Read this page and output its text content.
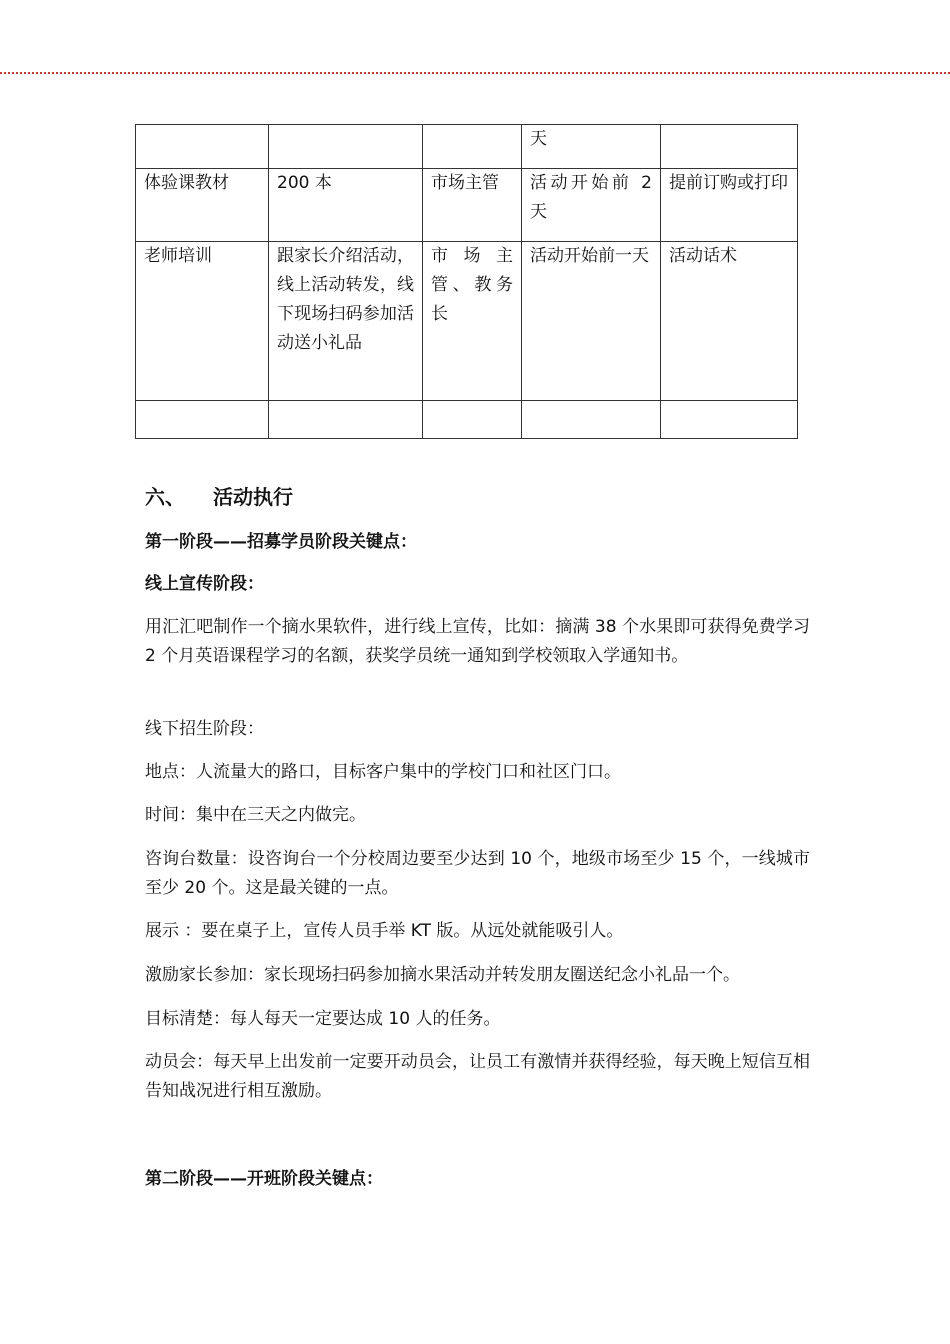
			天	
体验课教材	200 本	市场主管	活动开始前 2 天	提前订购或打印
老师培训	跟家长介绍活动，线上活动转发，线下现场扫码参加活动送小礼品	市 场 主 管、教务长	活动开始前一天	活动话术

六、 活动执行

第一阶段——招募学员阶段关键点：

线上宣传阶段：

用汇汇吧制作一个摘水果软件，进行线上宣传，比如：摘满 38 个水果即可获得免费学习 2 个月英语课程学习的名额，获奖学员统一通知到学校领取入学通知书。

线下招生阶段：

地点：人流量大的路口，目标客户集中的学校门口和社区门口。

时间：集中在三天之内做完。

咨询台数量：设咨询台一个分校周边要至少达到 10 个，地级市场至少 15 个，一线城市至少 20 个。这是最关键的一点。

展示 ：要在桌子上，宣传人员手举 KT 版。从远处就能吸引人。

激励家长参加：家长现场扫码参加摘水果活动并转发朋友圈送纪念小礼品一个。

目标清楚：每人每天一定要达成 10 人的任务。

动员会：每天早上出发前一定要开动员会，让员工有激情并获得经验，每天晚上短信互相告知战况进行相互激励。

第二阶段——开班阶段关键点：
